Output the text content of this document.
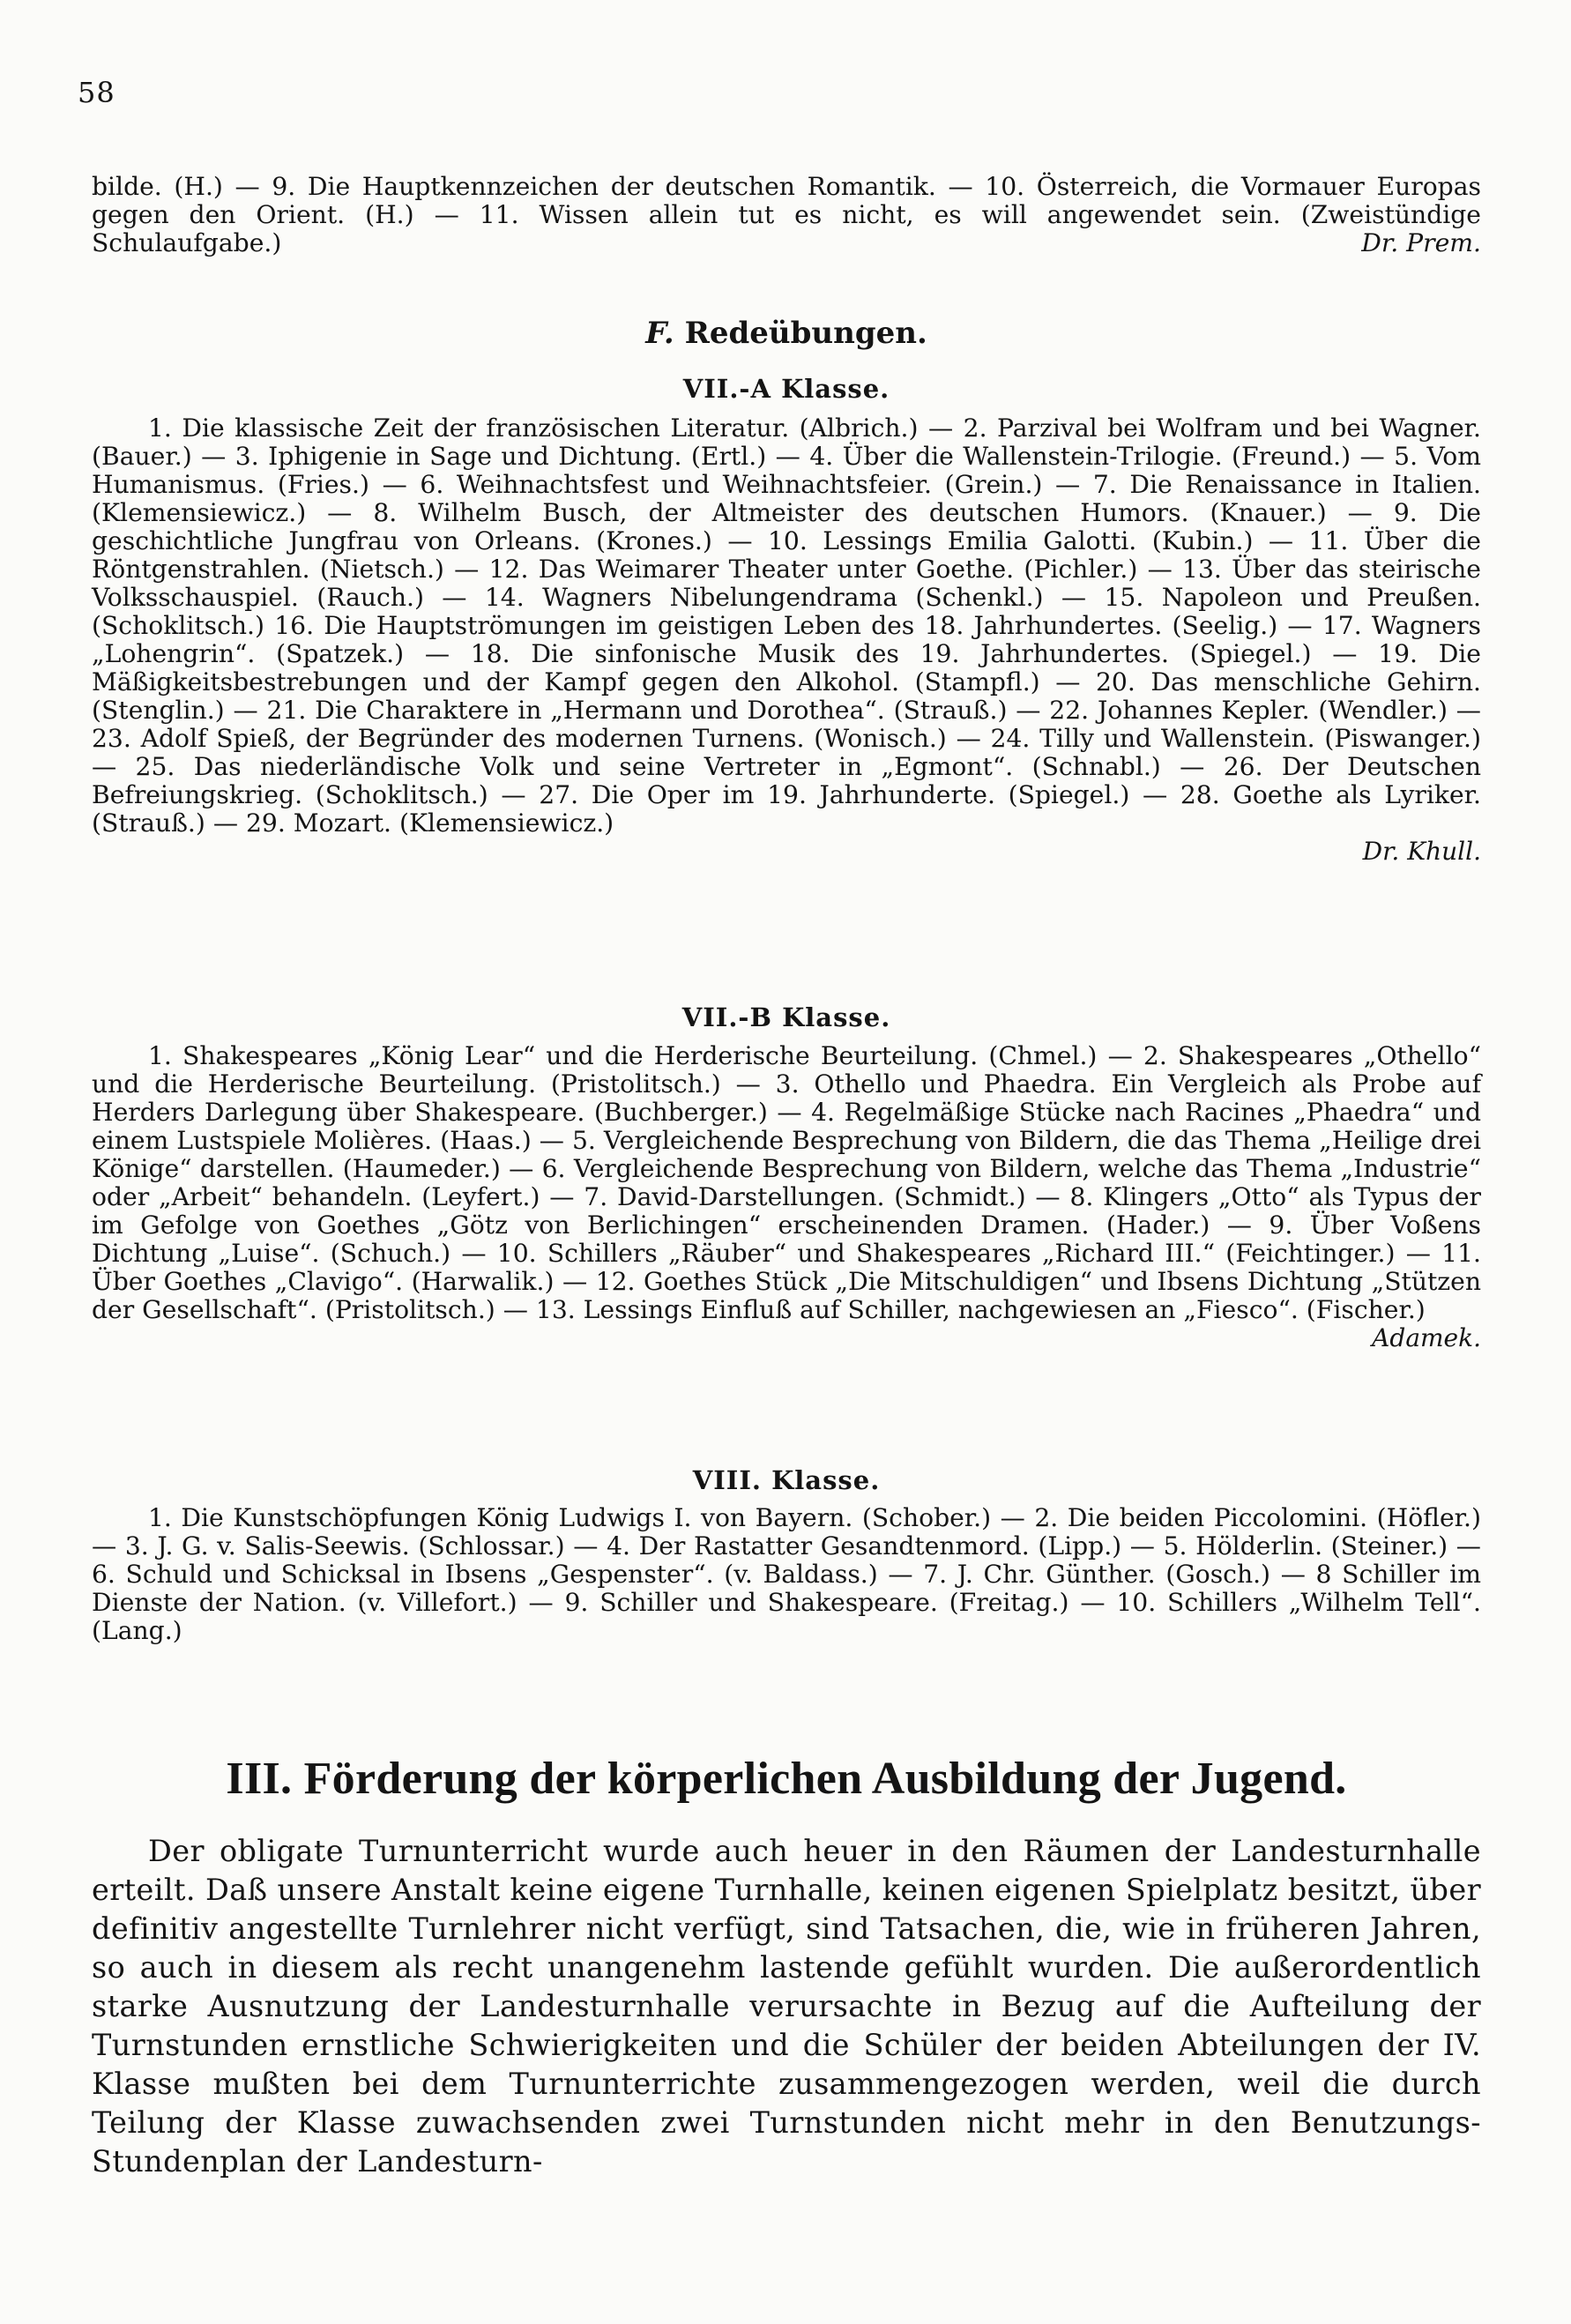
58

bilde. (H.) — 9. Die Hauptkennzeichen der deutschen Romantik. — 10. Österreich, die Vormauer Europas gegen den Orient. (H.) — 11. Wissen allein tut es nicht, es will angewendet sein. (Zweistündige Schulaufgabe.)	Dr. Prem.

F. Redeübungen.
VII.-A Klasse.

1. Die klassische Zeit der französischen Literatur. (Albrich.) — 2. Parzival bei Wolfram und bei Wagner. (Bauer.) — 3. Iphigenie in Sage und Dichtung. (Ertl.) — 4. Über die Wallenstein-Trilogie. (Freund.) — 5. Vom Humanismus. (Fries.) — 6. Weihnachtsfest und Weihnachtsfeier. (Grein.) — 7. Die Renaissance in Italien. (Klemensiewicz.) — 8. Wilhelm Busch, der Altmeister des deutschen Humors. (Knauer.) — 9. Die geschichtliche Jungfrau von Orleans. (Krones.) — 10. Lessings Emilia Galotti. (Kubin.) — 11. Über die Röntgenstrahlen. (Nietsch.) — 12. Das Weimarer Theater unter Goethe. (Pichler.) — 13. Über das steirische Volksschauspiel. (Rauch.) — 14. Wagners Nibelungendrama (Schenkl.) — 15. Napoleon und Preußen. (Schoklitsch.) 16. Die Hauptströmungen im geistigen Leben des 18. Jahrhundertes. (Seelig.) — 17. Wagners „Lohengrin“. (Spatzek.) — 18. Die sinfonische Musik des 19. Jahrhundertes. (Spiegel.) — 19. Die Mäßigkeitsbestrebungen und der Kampf gegen den Alkohol. (Stampfl.) — 20. Das menschliche Gehirn. (Stenglin.) — 21. Die Charaktere in „Hermann und Dorothea“. (Strauß.) — 22. Johannes Kepler. (Wendler.) — 23. Adolf Spieß, der Begründer des modernen Turnens. (Wonisch.) — 24. Tilly und Wallenstein. (Piswanger.) — 25. Das niederländische Volk und seine Vertreter in „Egmont“. (Schnabl.) — 26. Der Deutschen Befreiungskrieg. (Schoklitsch.) — 27. Die Oper im 19. Jahrhunderte. (Spiegel.) — 28. Goethe als Lyriker. (Strauß.) — 29. Mozart. (Klemensiewicz.)

Dr. Khull.
VII.-B Klasse.

1. Shakespeares „König Lear“ und die Herderische Beurteilung. (Chmel.) — 2. Shakespeares „Othello“ und die Herderische Beurteilung. (Pristolitsch.) — 3. Othello und Phaedra. Ein Vergleich als Probe auf Herders Darlegung über Shakespeare. (Buchberger.) — 4. Regelmäßige Stücke nach Racines „Phaedra“ und einem Lustspiele Molières. (Haas.) — 5. Vergleichende Besprechung von Bildern, die das Thema „Heilige drei Könige“ darstellen. (Haumeder.) — 6. Vergleichende Besprechung von Bildern, welche das Thema „Industrie“ oder „Arbeit“ behandeln. (Leyfert.) — 7. David-Darstellungen. (Schmidt.) — 8. Klingers „Otto“ als Typus der im Gefolge von Goethes „Götz von Berlichingen“ erscheinenden Dramen. (Hader.) — 9. Über Voßens Dichtung „Luise“. (Schuch.) — 10. Schillers „Räuber“ und Shakespeares „Richard III.“ (Feichtinger.) — 11. Über Goethes „Clavigo“. (Harwalik.) — 12. Goethes Stück „Die Mitschuldigen“ und Ibsens Dichtung „Stützen der Gesellschaft“. (Pristolitsch.) — 13. Lessings Einfluß auf Schiller, nachgewiesen an „Fiesco“. (Fischer.)

Adamek.
VIII. Klasse.

1. Die Kunstschöpfungen König Ludwigs I. von Bayern. (Schober.) — 2. Die beiden Piccolomini. (Höfler.) — 3. J. G. v. Salis-Seewis. (Schlossar.) — 4. Der Rastatter Gesandtenmord. (Lipp.) — 5. Hölderlin. (Steiner.) — 6. Schuld und Schicksal in Ibsens „Gespenster“. (v. Baldass.) — 7. J. Chr. Günther. (Gosch.) — 8 Schiller im Dienste der Nation. (v. Villefort.) — 9. Schiller und Shakespeare. (Freitag.) — 10. Schillers „Wilhelm Tell“. (Lang.)

III. Förderung der körperlichen Ausbildung der Jugend.

Der obligate Turnunterricht wurde auch heuer in den Räumen der Landesturnhalle erteilt. Daß unsere Anstalt keine eigene Turnhalle, keinen eigenen Spielplatz besitzt, über definitiv angestellte Turnlehrer nicht verfügt, sind Tatsachen, die, wie in früheren Jahren, so auch in diesem als recht unangenehm lastende gefühlt wurden. Die außerordentlich starke Ausnutzung der Landesturnhalle verursachte in Bezug auf die Aufteilung der Turnstunden ernstliche Schwierigkeiten und die Schüler der beiden Abteilungen der IV. Klasse mußten bei dem Turnunterrichte zusammengezogen werden, weil die durch Teilung der Klasse zuwachsenden zwei Turnstunden nicht mehr in den Benutzungs-Stundenplan der Landesturn-
